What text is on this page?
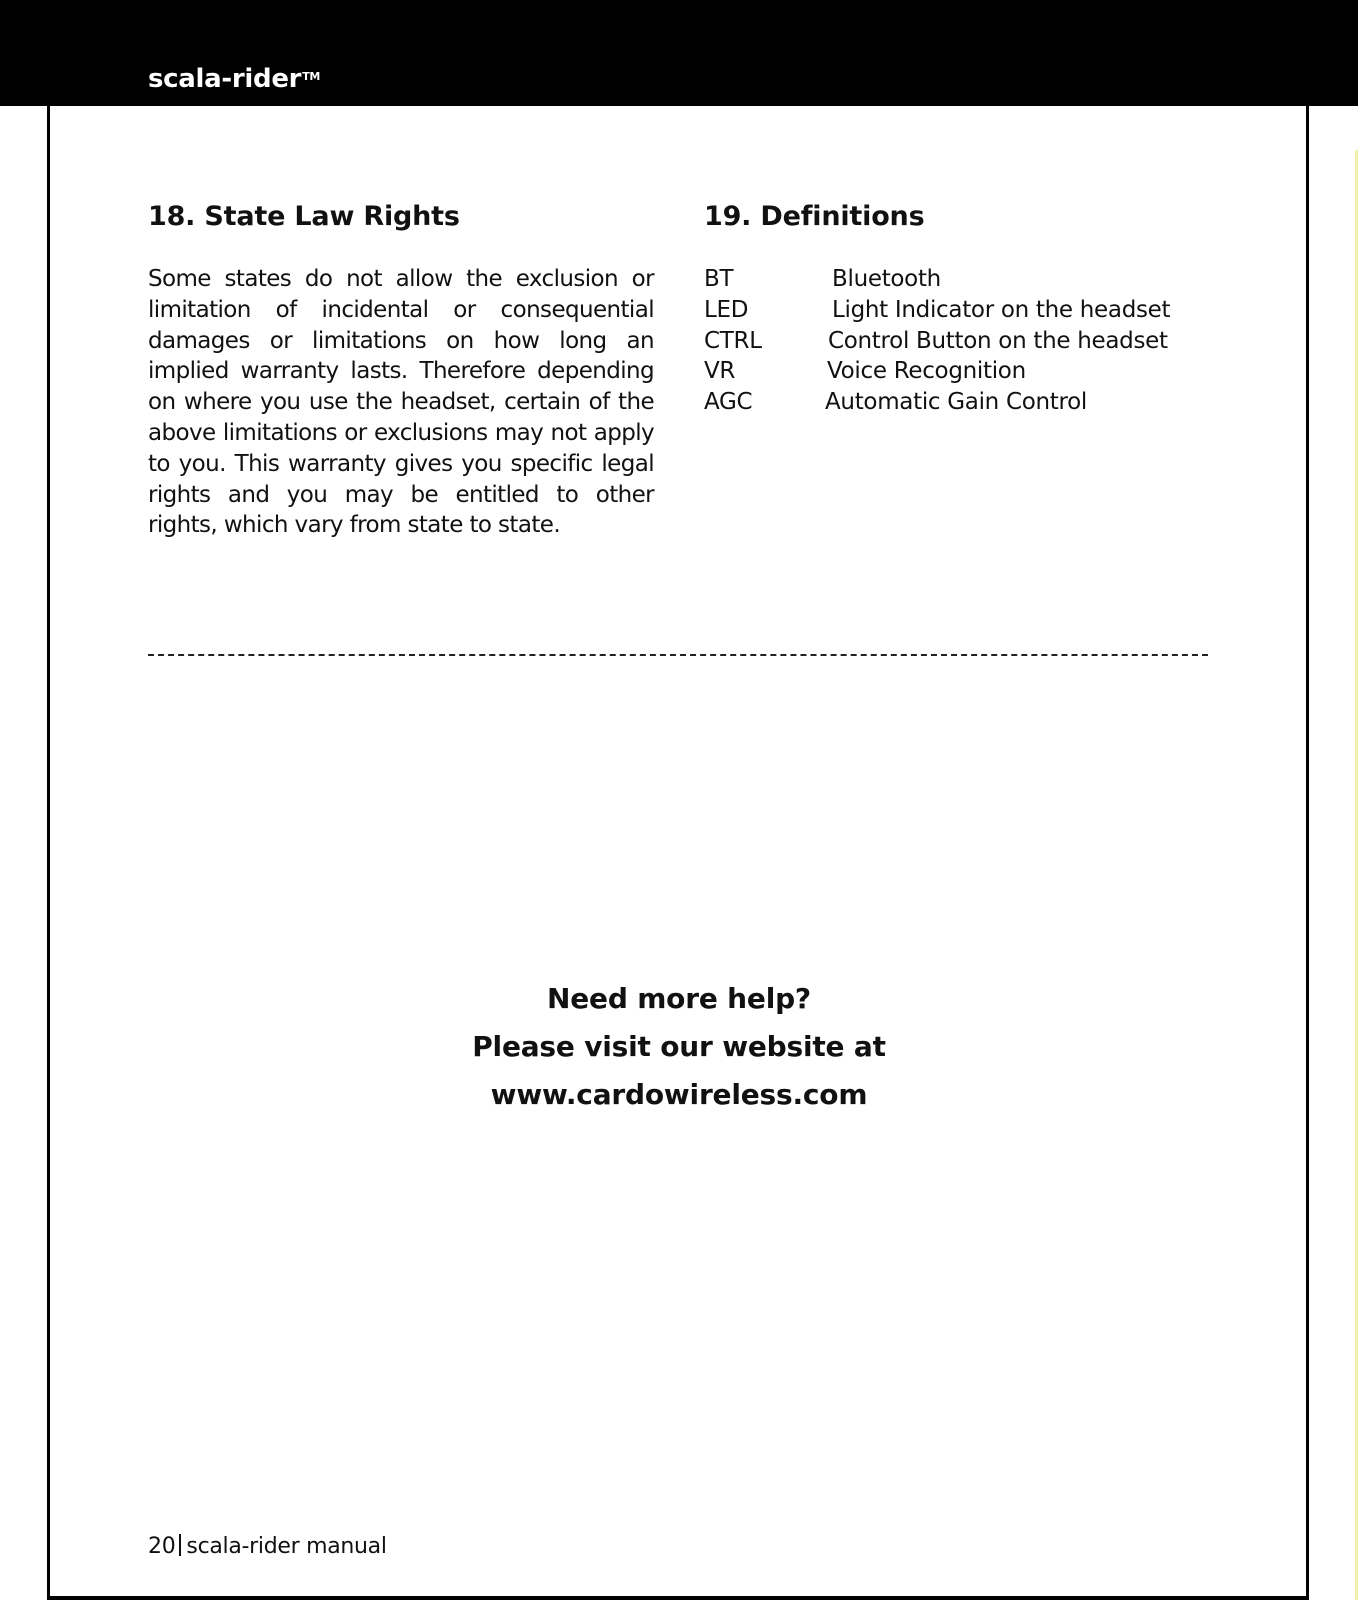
scala-rider™
18. State Law Rights

Some states do not allow the exclusion or limitation of incidental or consequential damages or limitations on how long an implied warranty lasts. Therefore depending on where you use the headset, certain of the above limitations or exclusions may not apply to you. This warranty gives you specific legal rights and you may be entitled to other rights, which vary from state to state.

19. Definitions
BT	Bluetooth
LED	Light Indicator on the headset
CTRL	Control Button on the headset
VR	Voice Recognition
AGC	Automatic Gain Control
Need more help?
Please visit our website at
www.cardowireless.com
20 scala-rider manual
